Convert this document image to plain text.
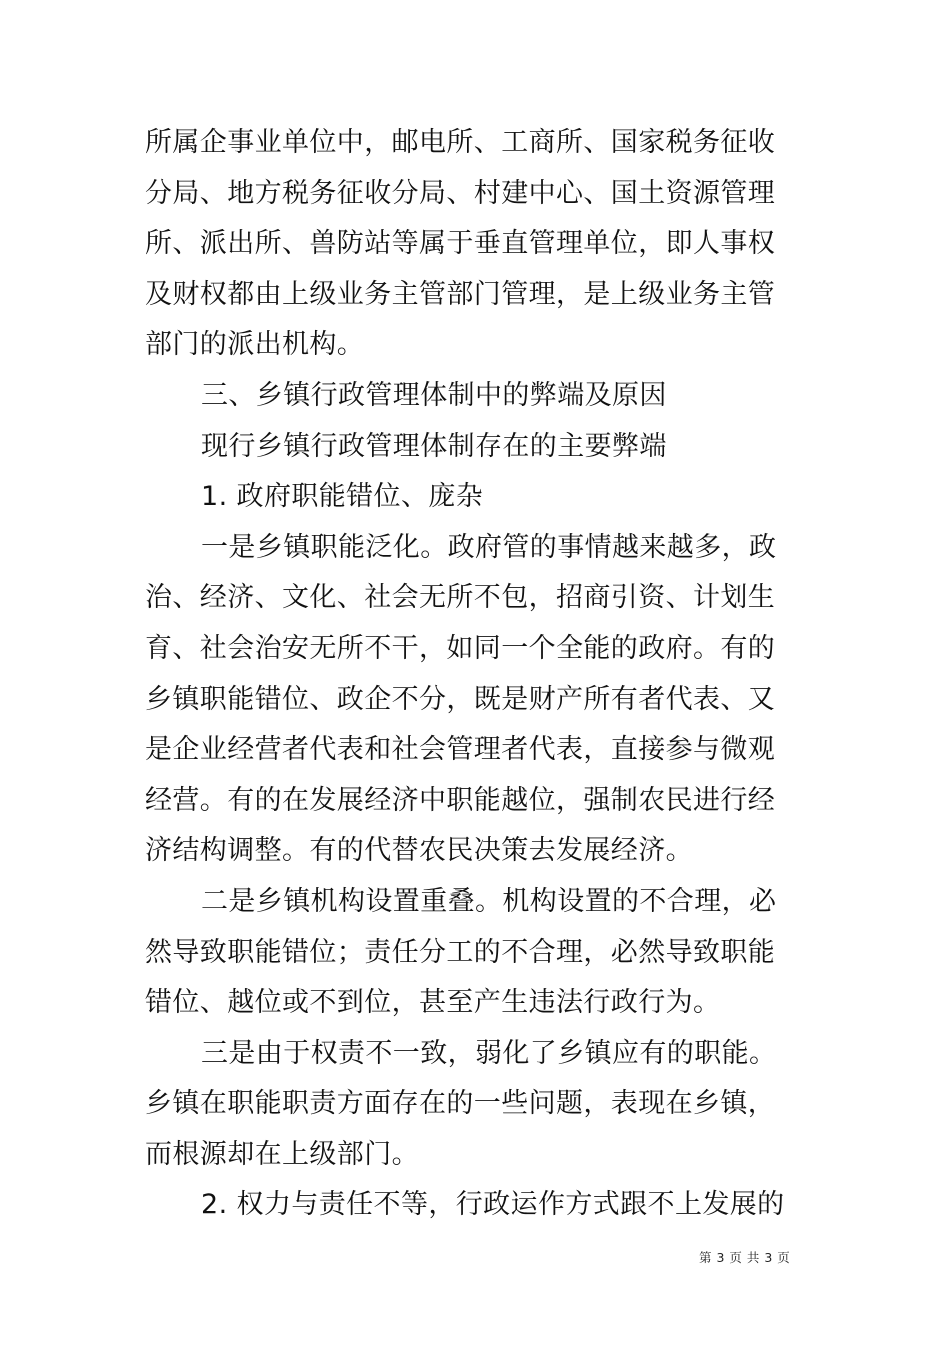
所属企事业单位中，邮电所、工商所、国家税务征收
分局、地方税务征收分局、村建中心、国土资源管理
所、派出所、兽防站等属于垂直管理单位，即人事权
及财权都由上级业务主管部门管理，是上级业务主管
部门的派出机构。
三、乡镇行政管理体制中的弊端及原因
现行乡镇行政管理体制存在的主要弊端
1. 政府职能错位、庞杂
一是乡镇职能泛化。政府管的事情越来越多，政
治、经济、文化、社会无所不包，招商引资、计划生
育、社会治安无所不干，如同一个全能的政府。有的
乡镇职能错位、政企不分，既是财产所有者代表、又
是企业经营者代表和社会管理者代表，直接参与微观
经营。有的在发展经济中职能越位，强制农民进行经
济结构调整。有的代替农民决策去发展经济。
二是乡镇机构设置重叠。机构设置的不合理，必
然导致职能错位；责任分工的不合理，必然导致职能
错位、越位或不到位，甚至产生违法行政行为。
三是由于权责不一致，弱化了乡镇应有的职能。
乡镇在职能职责方面存在的一些问题，表现在乡镇，
而根源却在上级部门。
2. 权力与责任不等，行政运作方式跟不上发展的
第 3 页 共 3 页
